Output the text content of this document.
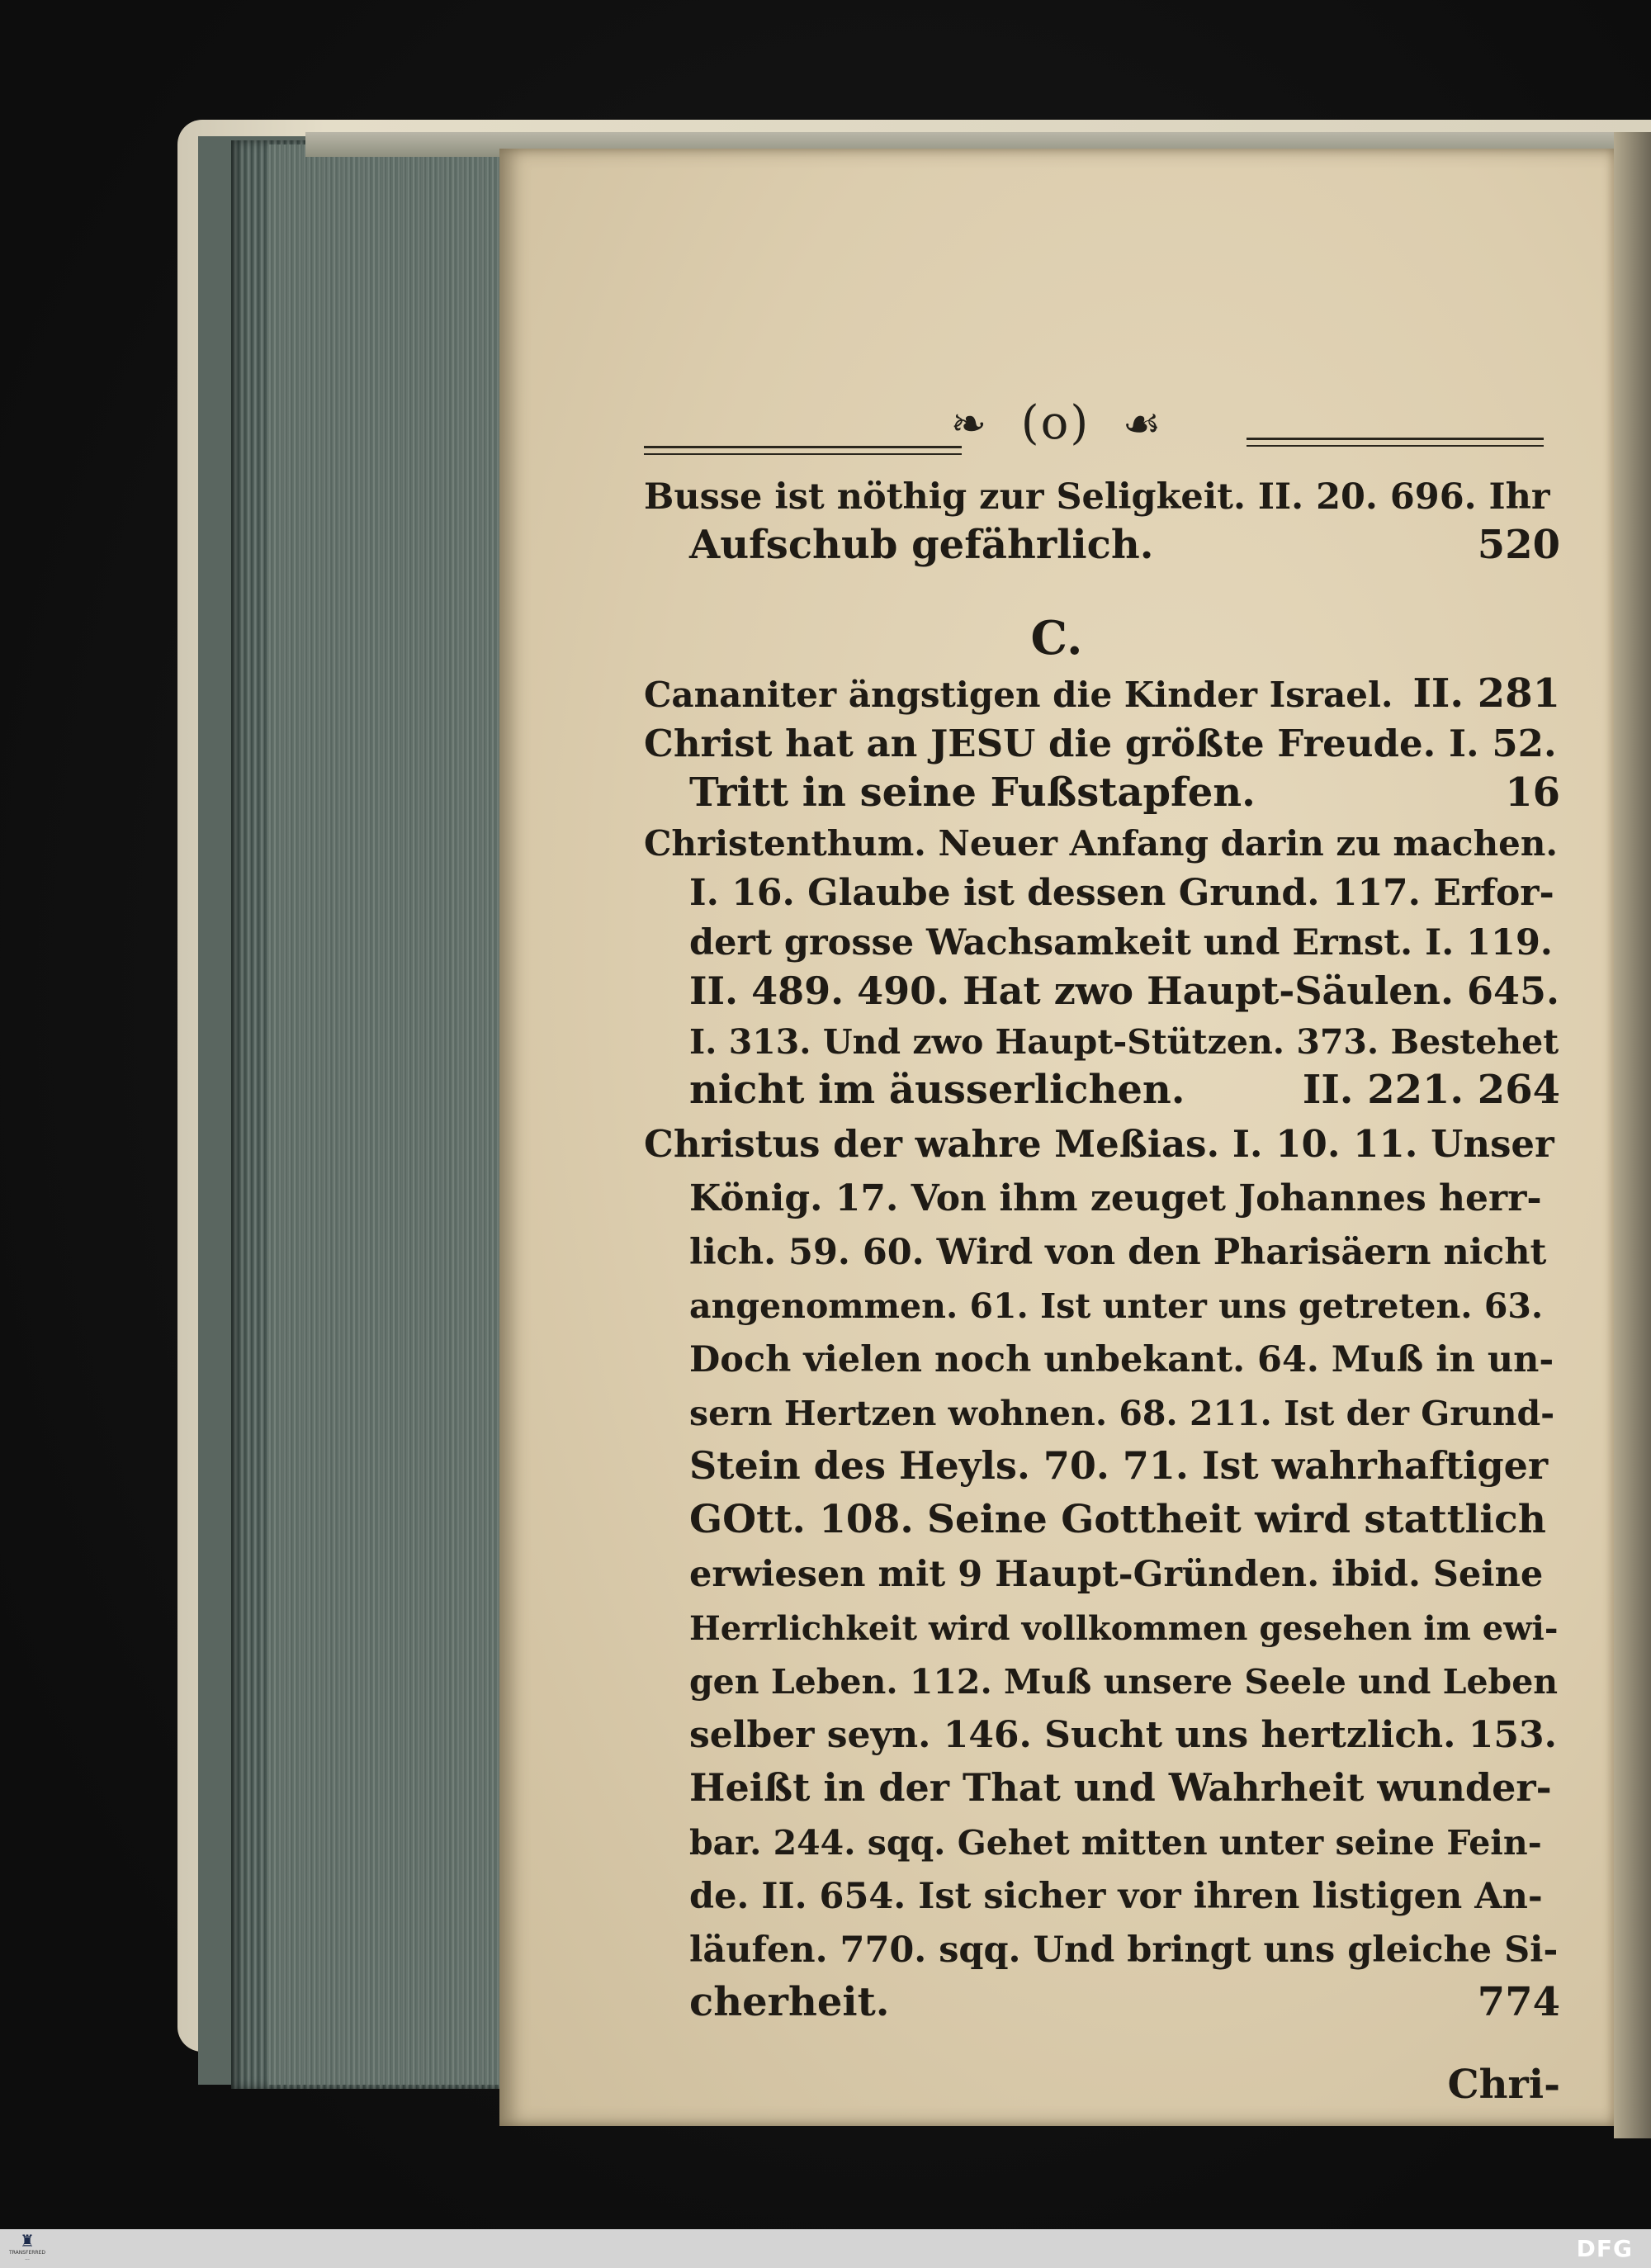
❧ (o) ☙
Busse ist nöthig zur Seligkeit. II. 20. 696. Ihr
Aufschub gefährlich.	520
C.
Cananiter ängstigen die Kinder Israel. II. 281
Christ hat an JESU die größte Freude. I. 52.
Tritt in seine Fußstapfen.	16
Christenthum. Neuer Anfang darin zu machen.
I. 16. Glaube ist dessen Grund. 117. Erfor-
dert grosse Wachsamkeit und Ernst. I. 119.
II. 489. 490. Hat zwo Haupt-Säulen. 645.
I. 313. Und zwo Haupt-Stützen. 373. Bestehet
nicht im äusserlichen.	II. 221. 264
Christus der wahre Meßias. I. 10. 11. Unser
König. 17. Von ihm zeuget Johannes herr-
lich. 59. 60. Wird von den Pharisäern nicht
angenommen. 61. Ist unter uns getreten. 63.
Doch vielen noch unbekant. 64. Muß in un-
sern Hertzen wohnen. 68. 211. Ist der Grund-
Stein des Heyls. 70. 71. Ist wahrhaftiger
GOtt. 108. Seine Gottheit wird stattlich
erwiesen mit 9 Haupt-Gründen. ibid. Seine
Herrlichkeit wird vollkommen gesehen im ewi-
gen Leben. 112. Muß unsere Seele und Leben
selber seyn. 146. Sucht uns hertzlich. 153.
Heißt in der That und Wahrheit wunder-
bar. 244. sqq. Gehet mitten unter seine Fein-
de. II. 654. Ist sicher vor ihren listigen An-
läufen. 770. sqq. Und bringt uns gleiche Si-
cherheit.	774
Chri-
♜
TRANSFERRED ...	DFG
